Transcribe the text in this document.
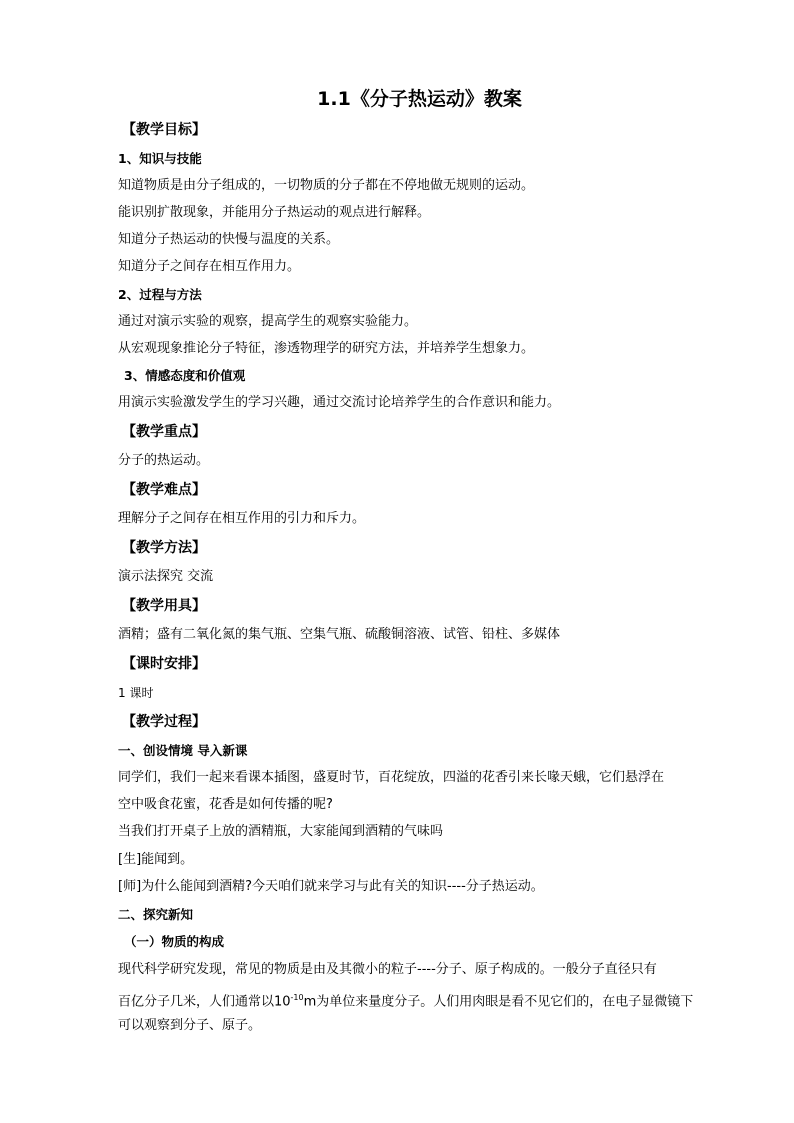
1.1《分子热运动》教案
【教学目标】
1、知识与技能
知道物质是由分子组成的，一切物质的分子都在不停地做无规则的运动。
能识别扩散现象，并能用分子热运动的观点进行解释。
知道分子热运动的快慢与温度的关系。
知道分子之间存在相互作用力。
2、过程与方法
通过对演示实验的观察，提高学生的观察实验能力。
从宏观现象推论分子特征，渗透物理学的研究方法，并培养学生想象力。
3、情感态度和价值观
用演示实验激发学生的学习兴趣，通过交流讨论培养学生的合作意识和能力。
【教学重点】
分子的热运动。
【教学难点】
理解分子之间存在相互作用的引力和斥力。
【教学方法】
演示法探究 交流
【教学用具】
酒精；盛有二氧化氮的集气瓶、空集气瓶、硫酸铜溶液、试管、铅柱、多媒体
【课时安排】
1 课时
【教学过程】
一、创设情境 导入新课
同学们，我们一起来看课本插图，盛夏时节，百花绽放，四溢的花香引来长喙天蛾，它们悬浮在
空中吸食花蜜，花香是如何传播的呢?
当我们打开桌子上放的酒精瓶，大家能闻到酒精的气味吗
[生]能闻到。
[师]为什么能闻到酒精?今天咱们就来学习与此有关的知识----分子热运动。
二、探究新知
（一）物质的构成
现代科学研究发现，常见的物质是由及其微小的粒子----分子、原子构成的。一般分子直径只有
百亿分子几米，人们通常以$10^{-10}m$为单位来量度分子。人们用肉眼是看不见它们的，在电子显微镜下
可以观察到分子、原子。
